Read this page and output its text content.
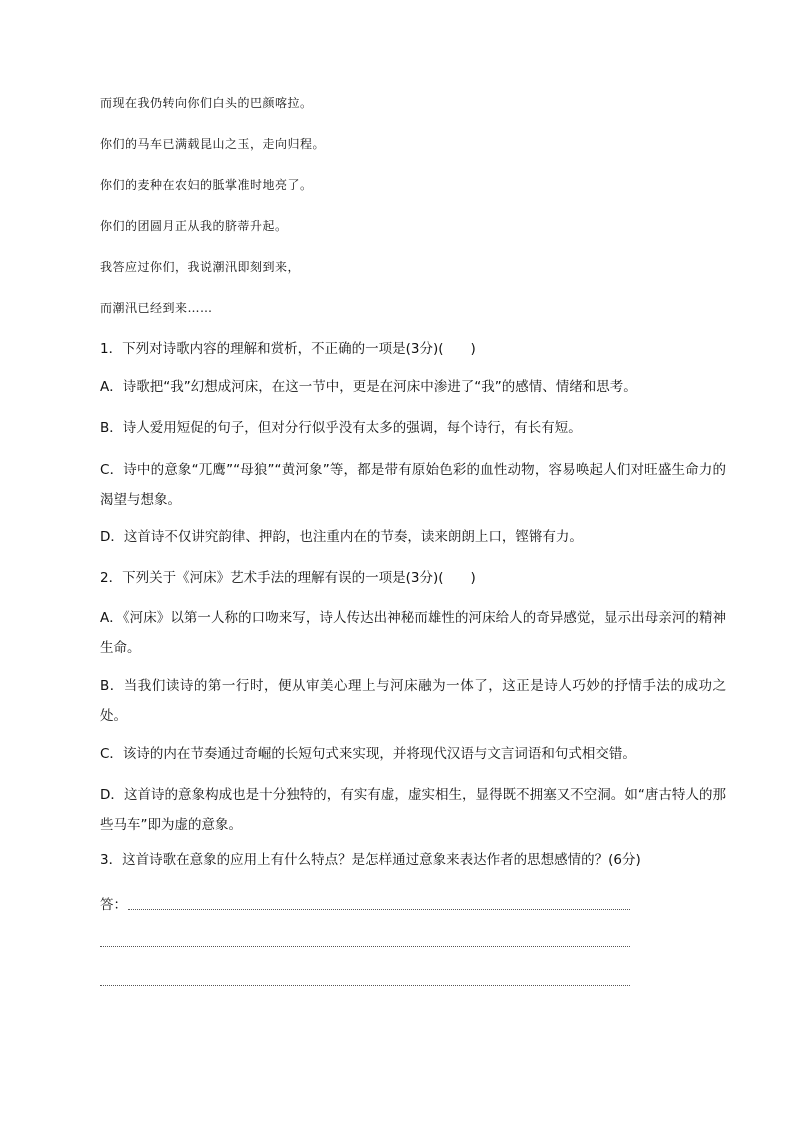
而现在我仍转向你们白头的巴颜喀拉。
你们的马车已满载昆山之玉，走向归程。
你们的麦种在农妇的胝掌准时地亮了。
你们的团圆月正从我的脐蒂升起。
我答应过你们，我说潮汛即刻到来，
而潮汛已经到来……
1．下列对诗歌内容的理解和赏析，不正确的一项是(3分)(　　)
A．诗歌把“我”幻想成河床，在这一节中，更是在河床中渗进了“我”的感情、情绪和思考。
B．诗人爱用短促的句子，但对分行似乎没有太多的强调，每个诗行，有长有短。
C．诗中的意象“兀鹰”“母狼”“黄河象”等，都是带有原始色彩的血性动物，容易唤起人们对旺盛生命力的渴望与想象。
D．这首诗不仅讲究韵律、押韵，也注重内在的节奏，读来朗朗上口，铿锵有力。
2．下列关于《河床》艺术手法的理解有误的一项是(3分)(　　)
A．《河床》以第一人称的口吻来写，诗人传达出神秘而雄性的河床给人的奇异感觉，显示出母亲河的精神生命。
B．当我们读诗的第一行时，便从审美心理上与河床融为一体了，这正是诗人巧妙的抒情手法的成功之处。
C．该诗的内在节奏通过奇崛的长短句式来实现，并将现代汉语与文言词语和句式相交错。
D．这首诗的意象构成也是十分独特的，有实有虚，虚实相生，显得既不拥塞又不空洞。如“唐古特人的那些马车”即为虚的意象。
3．这首诗歌在意象的应用上有什么特点？是怎样通过意象来表达作者的思想感情的？(6分)
答：
